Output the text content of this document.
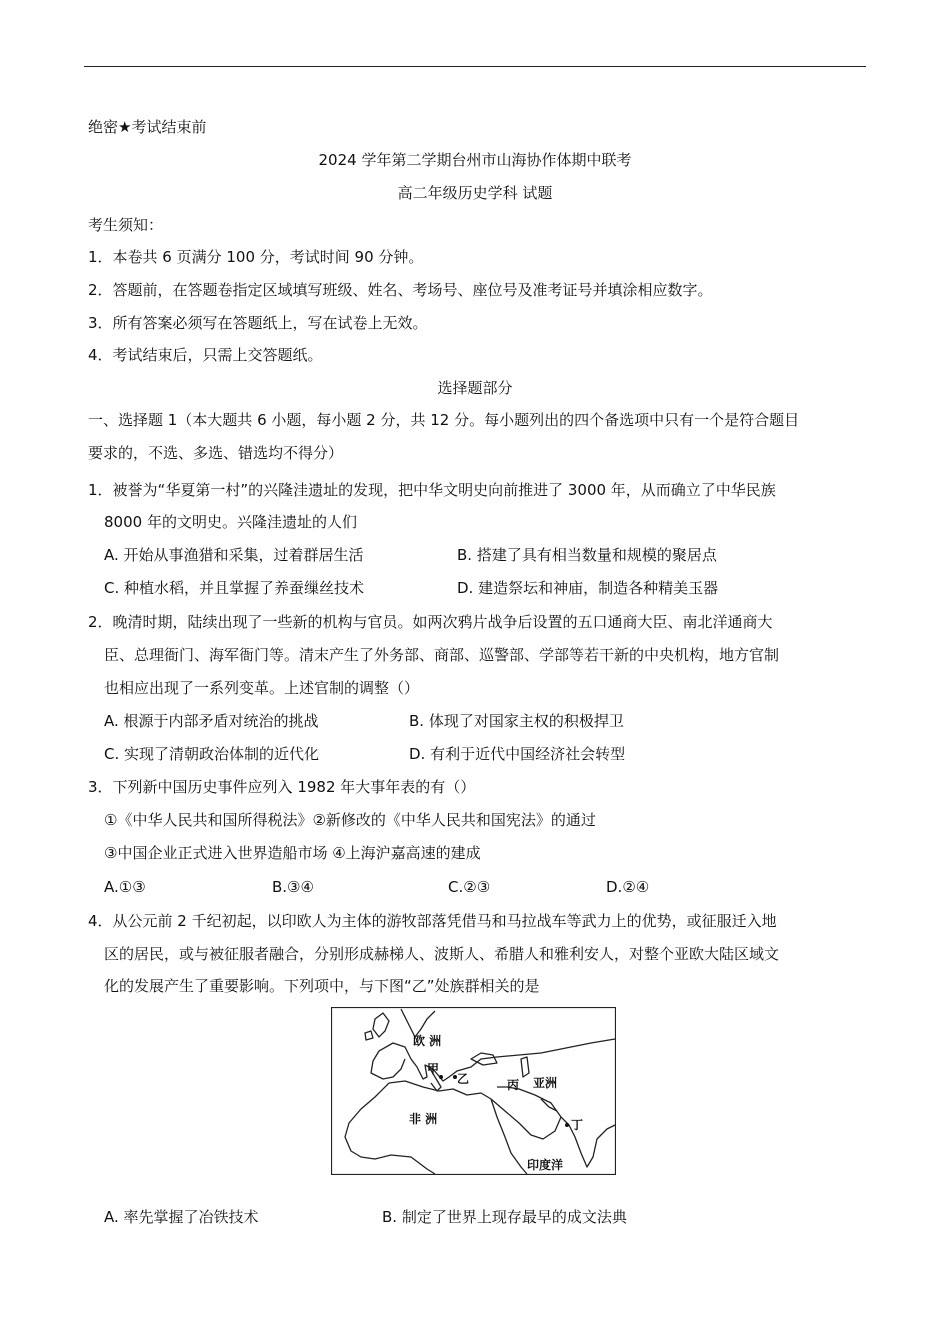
绝密★考试结束前
2024 学年第二学期台州市山海协作体期中联考
高二年级历史学科 试题
考生须知：
1．本卷共 6 页满分 100 分，考试时间 90 分钟。
2．答题前，在答题卷指定区域填写班级、姓名、考场号、座位号及准考证号并填涂相应数字。
3．所有答案必须写在答题纸上，写在试卷上无效。
4．考试结束后，只需上交答题纸。
选择题部分
一、选择题 1（本大题共 6 小题，每小题 2 分，共 12 分。每小题列出的四个备选项中只有一个是符合题目
要求的，不选、多选、错选均不得分）
1．被誉为“华夏第一村”的兴隆洼遗址的发现，把中华文明史向前推进了 3000 年，从而确立了中华民族
8000 年的文明史。兴隆洼遗址的人们
A. 开始从事渔猎和采集，过着群居生活	B. 搭建了具有相当数量和规模的聚居点
C. 种植水稻，并且掌握了养蚕缫丝技术	D. 建造祭坛和神庙，制造各种精美玉器
2．晚清时期，陆续出现了一些新的机构与官员。如两次鸦片战争后设置的五口通商大臣、南北洋通商大
臣、总理衙门、海军衙门等。清末产生了外务部、商部、巡警部、学部等若干新的中央机构，地方官制
也相应出现了一系列变革。上述官制的调整（）
A. 根源于内部矛盾对统治的挑战	B. 体现了对国家主权的积极捍卫
C. 实现了清朝政治体制的近代化	D. 有利于近代中国经济社会转型
3．下列新中国历史事件应列入 1982 年大事年表的有（）
①《中华人民共和国所得税法》②新修改的《中华人民共和国宪法》的通过
③中国企业正式进入世界造船市场 ④上海沪嘉高速的建成
A.①③	B.③④	C.②③	D.②④
4．从公元前 2 千纪初起，以印欧人为主体的游牧部落凭借马和马拉战车等武力上的优势，或征服迁入地
区的居民，或与被征服者融合，分别形成赫梯人、波斯人、希腊人和雅利安人，对整个亚欧大陆区域文
化的发展产生了重要影响。下列项中，与下图“乙”处族群相关的是
欧 洲
甲
乙	丙 亚洲
非 洲	丁
印度洋
A. 率先掌握了冶铁技术	B. 制定了世界上现存最早的成文法典
